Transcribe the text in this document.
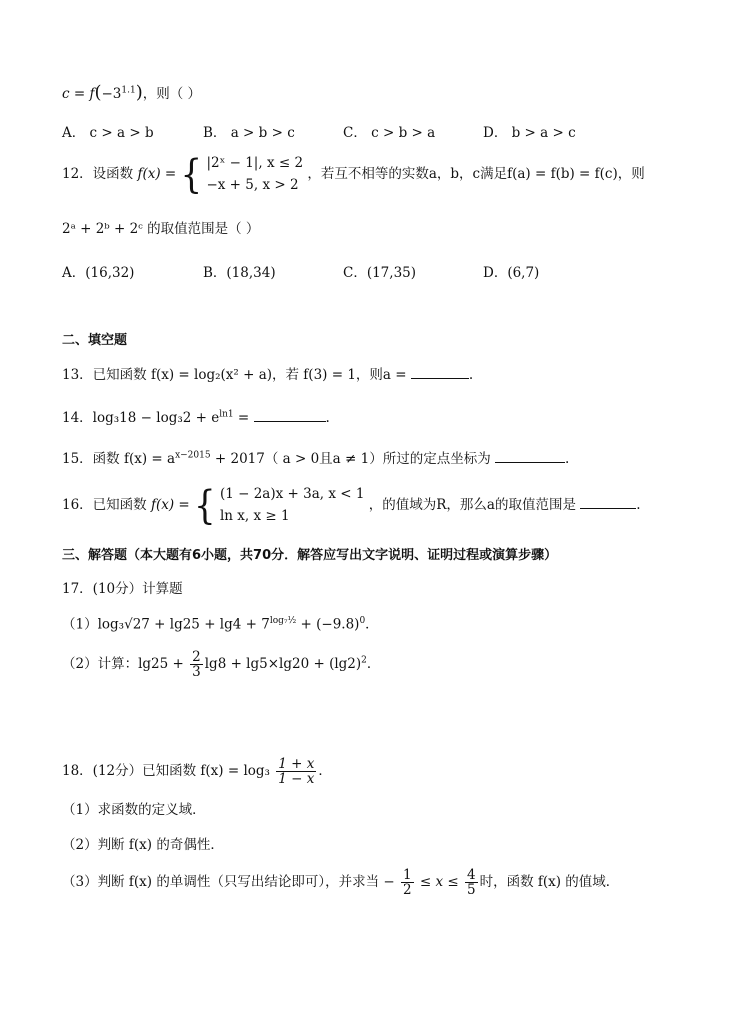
$c = f(-3^{1.1})$，则（ ）
A． c > a > b	B． a > b > c	C． c > b > a	D． b > a > c
12．设函数 f(x) = { |2ˣ − 1|, x ≤ 2
−x + 5, x > 2
，若互不相等的实数a，b，c满足f(a) = f(b) = f(c)，则
2ᵃ + 2ᵇ + 2ᶜ 的取值范围是（ ）
A．(16,32)	B．(18,34)	C．(17,35)	D．(6,7)
二、填空题
13．已知函数 f(x) = log₂(x² + a)，若 f(3) = 1，则a =	.
14．$\log_318 - \log_32 + e^{ln1}$ =	.
15．函数 $f(x) = a^{x-2015} + 2017$（ a > 0且a ≠ 1）所过的定点坐标为	.
16．已知函数 f(x) = { (1 − 2a)x + 3a, x < 1
ln x, x ≥ 1
，的值域为R，那么a的取值范围是	.
三、解答题（本大题有6小题，共70分．解答应写出文字说明、证明过程或演算步骤）
17．(10分）计算题
$(1)\log_3√27 + \lg 25 + \lg 4 + 7^{log_7\frac{1}{2}} + (-9.8)^0$．
（2）计算：$\lg 25 + \frac{2}{3} \lg 8 + \lg 5\times\lg 20 + (\lg 2)^2$．
18．(12分）已知函数 $f(x) = \log_3 \frac{1 + x}{1 - x}$ ．
（1）求函数的定义域．
（2）判断 f(x) 的奇偶性．
（3）判断 f(x) 的单调性（只写出结论即可），并求当 − $\frac{1}{2} \le x \le \frac{4}{5}$ 时，函数 f(x) 的值域．
